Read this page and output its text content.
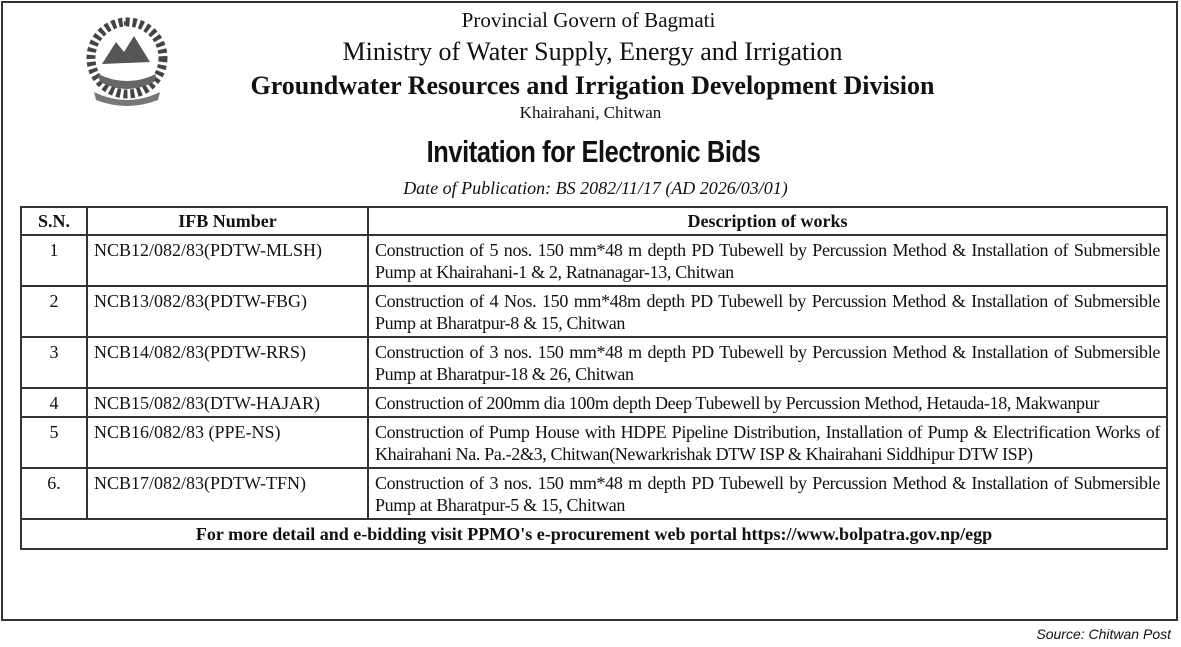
Provincial Govern of Bagmati
Ministry of Water Supply, Energy and Irrigation
Groundwater Resources and Irrigation Development Division
Khairahani, Chitwan
Invitation for Electronic Bids
Date of Publication: BS 2082/11/17 (AD 2026/03/01)
S.N.	IFB Number	Description of works
1	NCB12/082/83(PDTW-MLSH)	Construction of 5 nos. 150 mm*48 m depth PD Tubewell by Percussion Method & Installation of Submersible Pump at Khairahani-1 & 2, Ratnanagar-13, Chitwan
2	NCB13/082/83(PDTW-FBG)	Construction of 4 Nos. 150 mm*48m depth PD Tubewell by Percussion Method & Installation of Submersible Pump at Bharatpur-8 & 15, Chitwan
3	NCB14/082/83(PDTW-RRS)	Construction of 3 nos. 150 mm*48 m depth PD Tubewell by Percussion Method & Installation of Submersible Pump at Bharatpur-18 & 26, Chitwan
4	NCB15/082/83(DTW-HAJAR)	Construction of 200mm dia 100m depth Deep Tubewell by Percussion Method, Hetauda-18, Makwanpur
5	NCB16/082/83 (PPE-NS)	Construction of Pump House with HDPE Pipeline Distribution, Installation of Pump & Electrification Works of Khairahani Na. Pa.-2&3, Chitwan(Newarkrishak DTW ISP & Khairahani Siddhipur DTW ISP)
6.	NCB17/082/83(PDTW-TFN)	Construction of 3 nos. 150 mm*48 m depth PD Tubewell by Percussion Method & Installation of Submersible Pump at Bharatpur-5 & 15, Chitwan
For more detail and e-bidding visit PPMO's e-procurement web portal https://www.bolpatra.gov.np/egp		
Source: Chitwan Post
